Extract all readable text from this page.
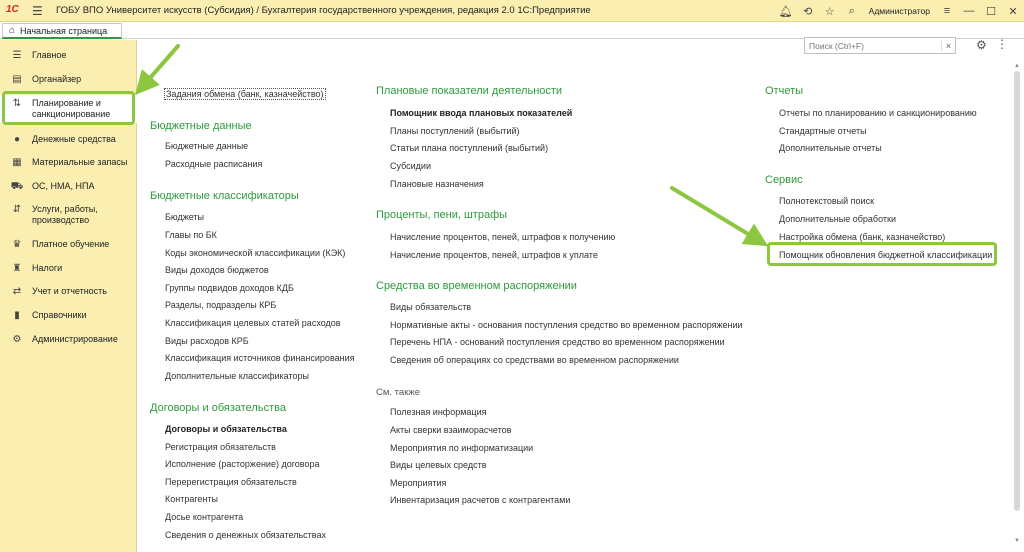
1С	☰	ГОБУ ВПО Университет искусств (Субсидия) / Бухгалтерия государственного учреждения, редакция 2.0 1С:Предприятие	🔔︎ ⟲	☆	⌕	Администратор	≡	—	☐	✕
⌂ Начальная страница
☰ Главное
▤ Органайзер
⇅	Планирование и санкционирование
●	Денежные средства
▦ Материальные запасы
⛟ ОС, НМА, НПА
⇵	Услуги, работы, производство
♛ Платное обучение
♜ Налоги
⇄	Учет и отчетность
▮	Справочники
⚙ Администрирование
Поиск (Ctrl+F)
×	⚙ ⋮
Задания обмена (банк, казначейство)
Бюджетные данные
Бюджетные данные
Расходные расписания
Бюджетные классификаторы
Бюджеты
Главы по БК
Коды экономической классификации (КЭК)
Виды доходов бюджетов
Группы подвидов доходов КДБ
Разделы, подразделы КРБ
Классификация целевых статей расходов
Виды расходов КРБ
Классификация источников финансирования
Дополнительные классификаторы
Договоры и обязательства
Договоры и обязательства
Регистрация обязательств
Исполнение (расторжение) договора
Перерегистрация обязательств
Контрагенты
Досье контрагента
Сведения о денежных обязательствах
Плановые показатели деятельности
Помощник ввода плановых показателей
Планы поступлений (выбытий)
Статьи плана поступлений (выбытий)
Субсидии
Плановые назначения
Проценты, пени, штрафы
Начисление процентов, пеней, штрафов к получению
Начисление процентов, пеней, штрафов к уплате
Средства во временном распоряжении
Виды обязательств
Нормативные акты - основания поступления средство во временном распоряжении
Перечень НПА - оснований поступления средство во временном распоряжении
Сведения об операциях со средствами во временном распоряжении
См. также
Полезная информация
Акты сверки взаиморасчетов
Мероприятия по информатизации
Виды целевых средств
Мероприятия
Инвентаризация расчетов с контрагентами
Отчеты
Отчеты по планированию и санкционированию
Стандартные отчеты
Дополнительные отчеты
Сервис
Полнотекстовый поиск
Дополнительные обработки
Настройка обмена (банк, казначейство)
Помощник обновления бюджетной классификации
▲
▼
